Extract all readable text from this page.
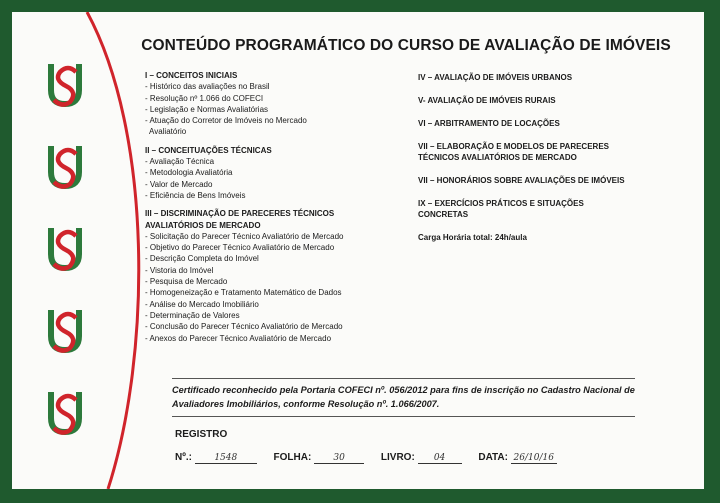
CONTEÚDO PROGRAMÁTICO DO CURSO DE AVALIAÇÃO DE IMÓVEIS
I – CONCEITOS INICIAIS
- Histórico das avaliações no Brasil
- Resolução nº 1.066 do COFECI
- Legislação e Normas Avaliatórias
- Atuação do Corretor de Imóveis no Mercado
Avaliatório
II – CONCEITUAÇÕES TÉCNICAS
- Avaliação Técnica
- Metodologia Avaliatória
- Valor de Mercado
- Eficiência de Bens Imóveis
III – DISCRIMINAÇÃO DE PARECERES TÉCNICOS AVALIATÓRIOS DE MERCADO
- Solicitação do Parecer Técnico Avaliatório de Mercado
- Objetivo do Parecer Técnico Avaliatório de Mercado
- Descrição Completa do Imóvel
- Vistoria do Imóvel
- Pesquisa de Mercado
- Homogeneização e Tratamento Matemático de Dados
- Análise do Mercado Imobiliário
- Determinação de Valores
- Conclusão do Parecer Técnico Avaliatório de Mercado
- Anexos do Parecer Técnico Avaliatório de Mercado
IV – AVALIAÇÃO DE IMÓVEIS URBANOS
V- AVALIAÇÃO DE IMÓVEIS RURAIS
VI – ARBITRAMENTO DE LOCAÇÕES
VII – ELABORAÇÃO E MODELOS DE PARECERES TÉCNICOS AVALIATÓRIOS DE MERCADO
VII – HONORÁRIOS SOBRE AVALIAÇÕES DE IMÓVEIS
IX – EXERCÍCIOS PRÁTICOS E SITUAÇÕES CONCRETAS
Carga Horária total: 24h/aula
Certificado reconhecido pela Portaria COFECI nº. 056/2012 para fins de inscrição no Cadastro Nacional de Avaliadores Imobiliários, conforme Resolução nº. 1.066/2007.
REGISTRO
Nº.: 1548	FOLHA: 30	LIVRO: 04	DATA: 26/10/16
